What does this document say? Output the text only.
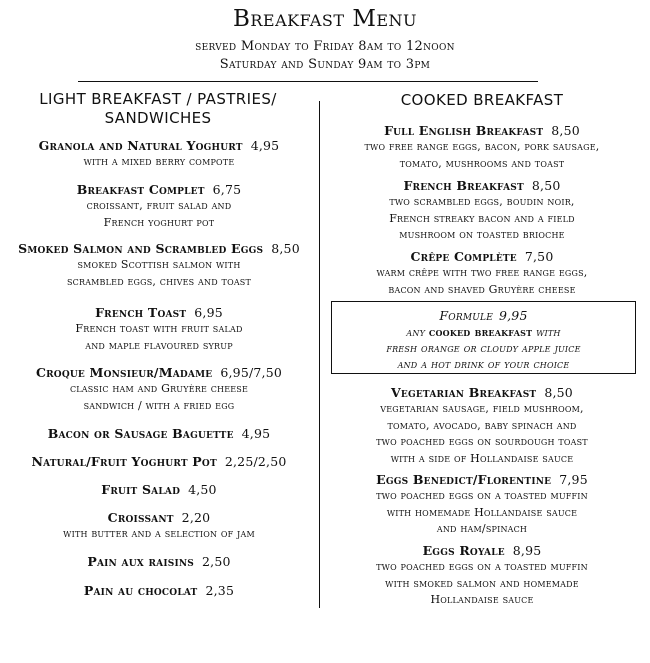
Breakfast Menu
served Monday to Friday 8am to 12noon
Saturday and Sunday 9am to 3pm
LIGHT BREAKFAST / PASTRIES/
SANDWICHES
COOKED BREAKFAST
Granola and Natural Yoghurt 4,95
with a mixed berry compote
Breakfast Complet 6,75
croissant, fruit salad and
French yoghurt pot
Smoked Salmon and Scrambled Eggs 8,50
smoked Scottish salmon with
scrambled eggs, chives and toast
French Toast 6,95
French toast with fruit salad
and maple flavoured syrup
Croque Monsieur/Madame 6,95/7,50
classic ham and Gruyère cheese
sandwich / with a fried egg
Bacon or Sausage Baguette 4,95
Natural/Fruit Yoghurt Pot 2,25/2,50
Fruit Salad 4,50
Croissant 2,20
with butter and a selection of jam
Pain aux raisins 2,50
Pain au chocolat 2,35
Full English Breakfast 8,50
two free range eggs, bacon, pork sausage,
tomato, mushrooms and toast
French Breakfast 8,50
two scrambled eggs, boudin noir,
French streaky bacon and a field
mushroom on toasted brioche
Crêpe Complète 7,50
warm crêpe with two free range eggs,
bacon and shaved Gruyère cheese
Formule 9,95
any cooked breakfast with
fresh orange or cloudy apple juice
and a hot drink of your choice
Vegetarian Breakfast 8,50
vegetarian sausage, field mushroom,
tomato, avocado, baby spinach and
two poached eggs on sourdough toast
with a side of Hollandaise sauce
Eggs Benedict/Florentine 7,95
two poached eggs on a toasted muffin
with homemade Hollandaise sauce
and ham/spinach
Eggs Royale 8,95
two poached eggs on a toasted muffin
with smoked salmon and homemade
Hollandaise sauce
